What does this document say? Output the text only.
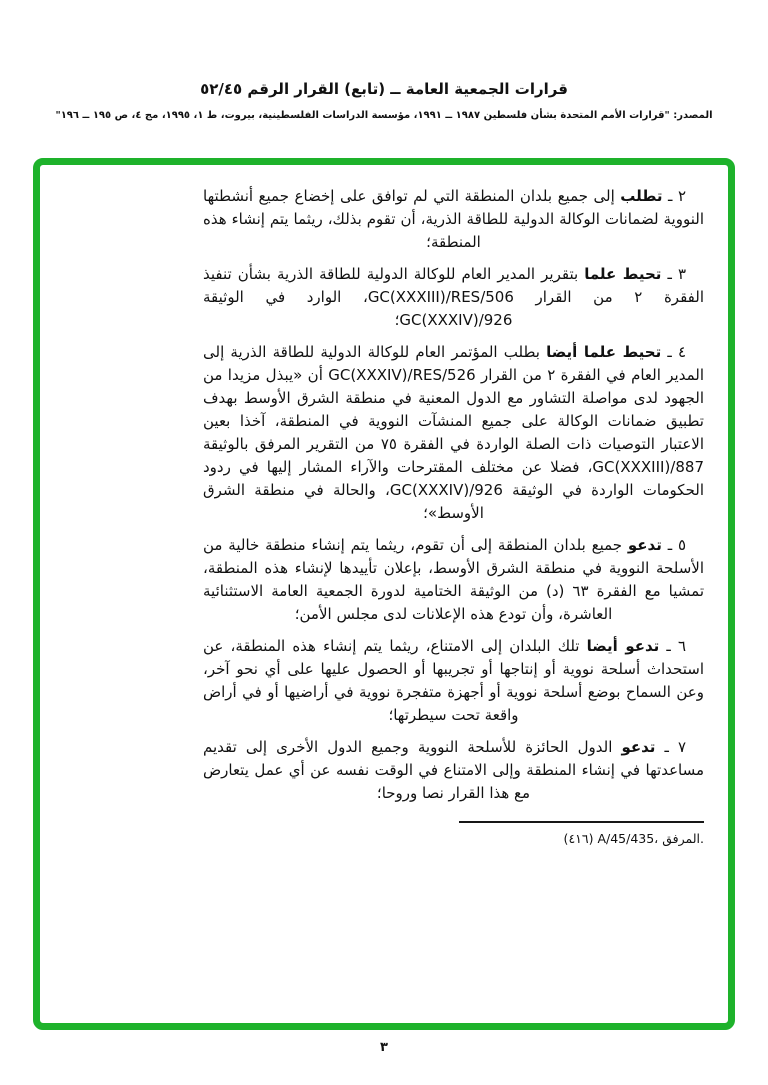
قرارات الجمعية العامة ــ (تابع) القرار الرقم ٥٢/٤٥
المصدر: "قرارات الأمم المتحدة بشأن فلسطين ١٩٨٧ ــ ١٩٩١، مؤسسة الدراسات الفلسطينية، بيروت، ط ١، ١٩٩٥، مج ٤، ص ١٩٥ ــ ١٩٦"

٢ ـ تطلب إلى جميع بلدان المنطقة التي لم توافق على إخضاع جميع أنشطتها النووية لضمانات الوكالة الدولية للطاقة الذرية، أن تقوم بذلك، ريثما يتم إنشاء هذه المنطقة؛

٣ ـ تحيط علما بتقرير المدير العام للوكالة الدولية للطاقة الذرية بشأن تنفيذ الفقرة ٢ من القرار GC(XXXIII)/RES/506، الوارد في الوثيقة GC(XXXIV)/926؛

٤ ـ تحيط علما أيضا بطلب المؤتمر العام للوكالة الدولية للطاقة الذرية إلى المدير العام في الفقرة ٢ من القرار GC(XXXIV)/RES/526 أن «يبذل مزيدا من الجهود لدى مواصلة التشاور مع الدول المعنية في منطقة الشرق الأوسط بهدف تطبيق ضمانات الوكالة على جميع المنشآت النووية في المنطقة، آخذا بعين الاعتبار التوصيات ذات الصلة الواردة في الفقرة ٧٥ من التقرير المرفق بالوثيقة GC(XXXIII)/887، فضلا عن مختلف المقترحات والآراء المشار إليها في ردود الحكومات الواردة في الوثيقة GC(XXXIV)/926، والحالة في منطقة الشرق الأوسط»؛

٥ ـ تدعو جميع بلدان المنطقة إلى أن تقوم، ريثما يتم إنشاء منطقة خالية من الأسلحة النووية في منطقة الشرق الأوسط، بإعلان تأييدها لإنشاء هذه المنطقة، تمشيا مع الفقرة ٦٣ (د) من الوثيقة الختامية لدورة الجمعية العامة الاستثنائية العاشرة، وأن تودع هذه الإعلانات لدى مجلس الأمن؛

٦ ـ تدعو أيضا تلك البلدان إلى الامتناع، ريثما يتم إنشاء هذه المنطقة، عن استحداث أسلحة نووية أو إنتاجها أو تجريبها أو الحصول عليها على أي نحو آخر، وعن السماح بوضع أسلحة نووية أو أجهزة متفجرة نووية في أراضيها أو في أراض واقعة تحت سيطرتها؛

٧ ـ تدعو الدول الحائزة للأسلحة النووية وجميع الدول الأخرى إلى تقديم مساعدتها في إنشاء المنطقة وإلى الامتناع في الوقت نفسه عن أي عمل يتعارض مع هذا القرار نصا وروحا؛

(٤١٦) A/45/435، المرفق.

٣
